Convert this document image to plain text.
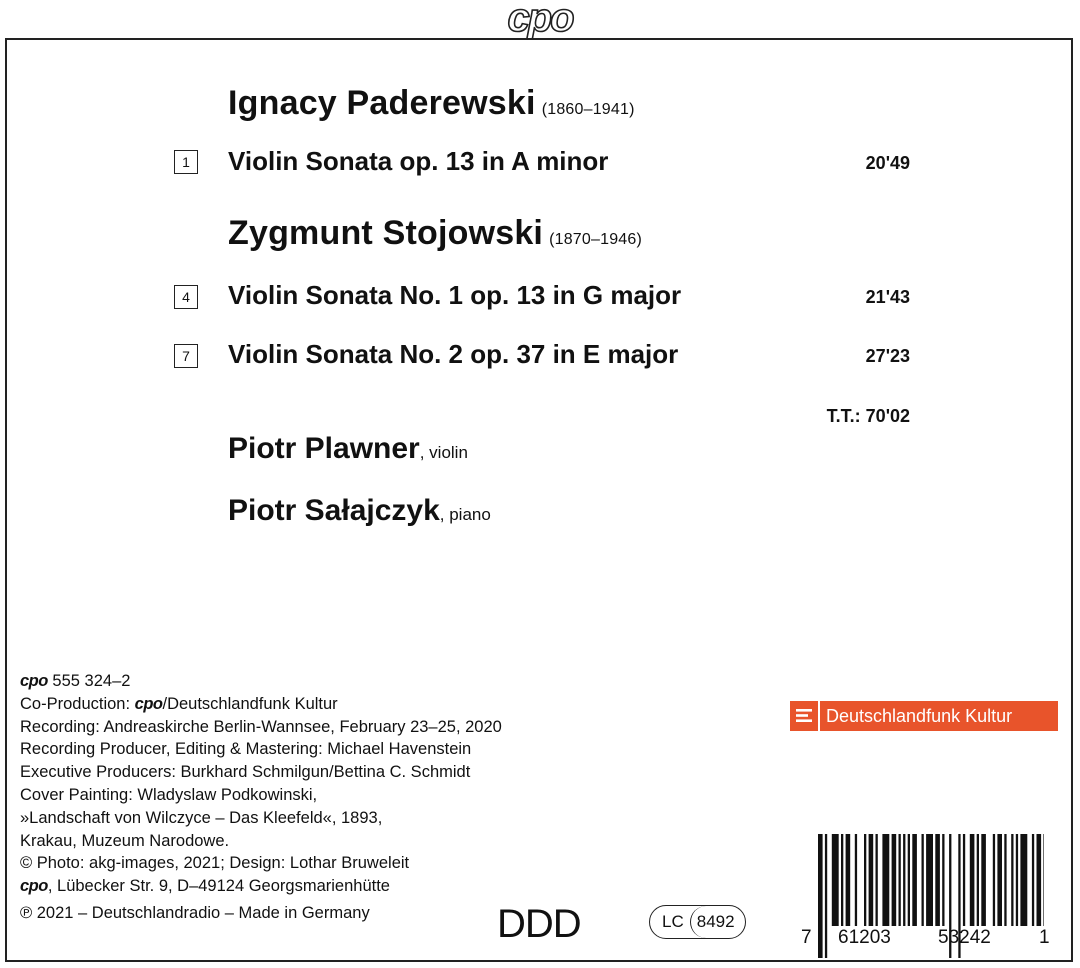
cpo
Ignacy Paderewski (1860–1941)
1	Violin Sonata op. 13 in A minor	20'49
Zygmunt Stojowski (1870–1946)
4	Violin Sonata No. 1 op. 13 in G major	21'43
7	Violin Sonata No. 2 op. 37 in E major	27'23
T.T.: 70'02
Piotr Plawner, violin
Piotr Sałajczyk, piano
cpo 555 324–2
Co-Production: cpo/Deutschlandfunk Kultur
Recording: Andreaskirche Berlin-Wannsee, February 23–25, 2020
Recording Producer, Editing & Mastering: Michael Havenstein
Executive Producers: Burkhard Schmilgun/Bettina C. Schmidt
Cover Painting: Wladyslaw Podkowinski,
»Landschaft von Wilczyce – Das Kleefeld«, 1893,
Krakau, Muzeum Narodowe.
© Photo: akg-images, 2021; Design: Lothar Bruweleit
cpo, Lübecker Str. 9, D–49124 Georgsmarienhütte
℗ 2021 – Deutschlandradio – Made in Germany
Deutschlandfunk Kultur
DDD	LC 8492
7 61203 53242	1
